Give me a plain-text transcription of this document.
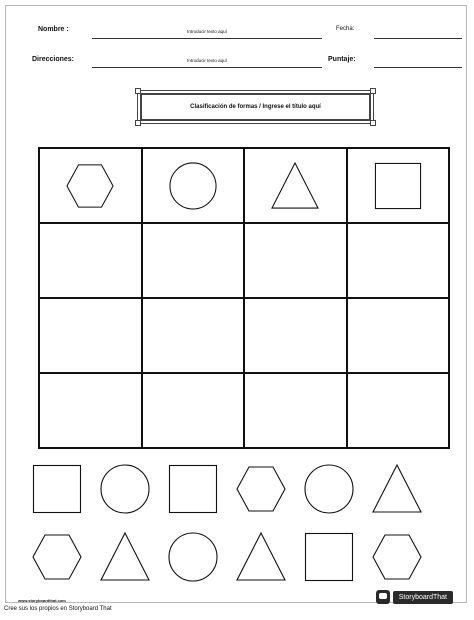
Nombre :	Introducir texto aquí	Fecha:
Direcciones:	Introducir texto aquí	Puntaje:
Clasificación de formas / Ingrese el título aquí
www.storyboardthat.com	StoryboardThat
Cree sus los propios en Storyboard That
